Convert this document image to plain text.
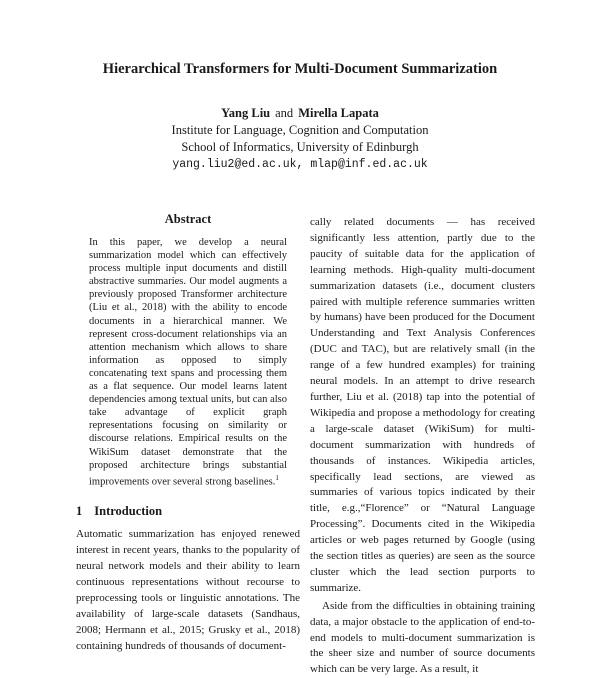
Hierarchical Transformers for Multi-Document Summarization
Yang Liu and Mirella Lapata
Institute for Language, Cognition and Computation
School of Informatics, University of Edinburgh
yang.liu2@ed.ac.uk, mlap@inf.ed.ac.uk
Abstract

In this paper, we develop a neural summarization model which can effectively process multiple input documents and distill abstractive summaries. Our model augments a previously proposed Transformer architecture (Liu et al., 2018) with the ability to encode documents in a hierarchical manner. We represent cross-document relationships via an attention mechanism which allows to share information as opposed to simply concatenating text spans and processing them as a flat sequence. Our model learns latent dependencies among textual units, but can also take advantage of explicit graph representations focusing on similarity or discourse relations. Empirical results on the WikiSum dataset demonstrate that the proposed architecture brings substantial improvements over several strong baselines.$^1$

1 Introduction

Automatic summarization has enjoyed renewed interest in recent years, thanks to the popularity of neural network models and their ability to learn continuous representations without recourse to preprocessing tools or linguistic annotations. The availability of large-scale datasets (Sandhaus, 2008; Hermann et al., 2015; Grusky et al., 2018) containing hundreds of thousands of document-

cally related documents — has received significantly less attention, partly due to the paucity of suitable data for the application of learning methods. High-quality multi-document summarization datasets (i.e., document clusters paired with multiple reference summaries written by humans) have been produced for the Document Understanding and Text Analysis Conferences (DUC and TAC), but are relatively small (in the range of a few hundred examples) for training neural models. In an attempt to drive research further, Liu et al. (2018) tap into the potential of Wikipedia and propose a methodology for creating a large-scale dataset (WikiSum) for multi-document summarization with hundreds of thousands of instances. Wikipedia articles, specifically lead sections, are viewed as summaries of various topics indicated by their title, e.g.,“Florence” or “Natural Language Processing”. Documents cited in the Wikipedia articles or web pages returned by Google (using the section titles as queries) are seen as the source cluster which the lead section purports to summarize.

Aside from the difficulties in obtaining training data, a major obstacle to the application of end-to-end models to multi-document summarization is the sheer size and number of source documents which can be very large. As a result, it
